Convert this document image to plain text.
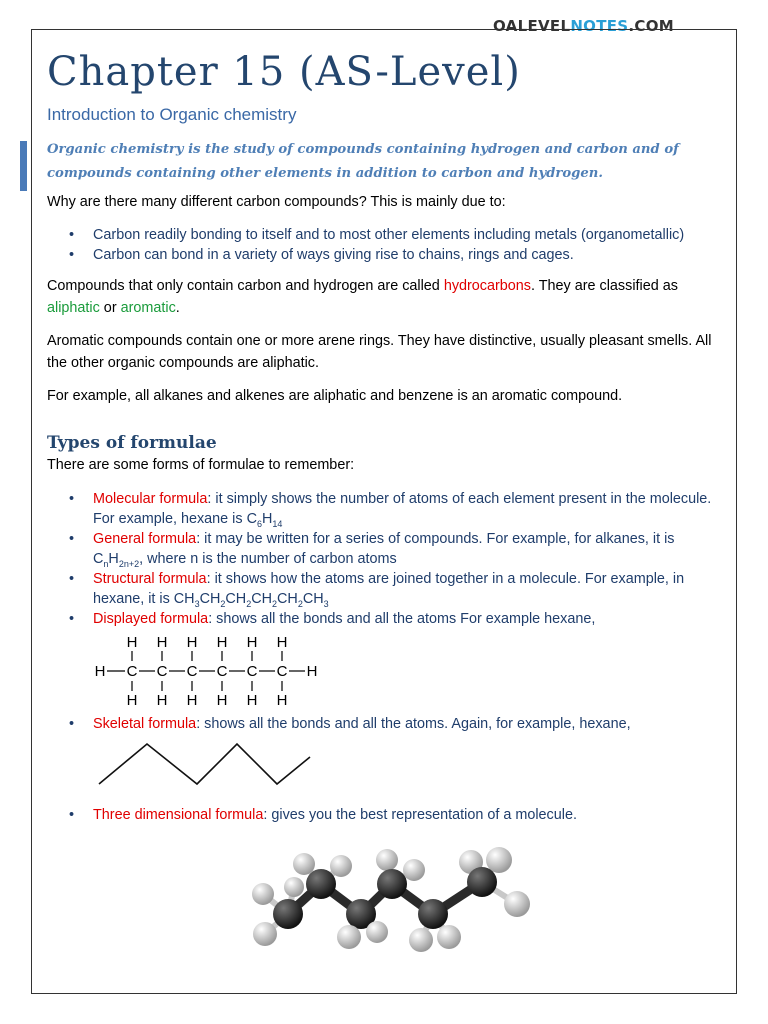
OALEVELNOTES.COM
Chapter 15 (AS-Level)
Introduction to Organic chemistry
Organic chemistry is the study of compounds containing hydrogen and carbon and of compounds containing other elements in addition to carbon and hydrogen.

Why are there many different carbon compounds? This is mainly due to:

• Carbon readily bonding to itself and to most other elements including metals (organometallic)
• Carbon can bond in a variety of ways giving rise to chains, rings and cages.

Compounds that only contain carbon and hydrogen are called hydrocarbons. They are classified as aliphatic or aromatic.

Aromatic compounds contain one or more arene rings. They have distinctive, usually pleasant smells. All the other organic compounds are aliphatic.

For example, all alkanes and alkenes are aliphatic and benzene is an aromatic compound.

Types of formulae

There are some forms of formulae to remember:

• Molecular formula: it simply shows the number of atoms of each element present in the molecule. For example, hexane is $C_6H_{14}$
• General formula: it may be written for a series of compounds. For example, for alkanes, it is $C_nH_{2n+2}$, where n is the number of carbon atoms
• Structural formula: it shows how the atoms are joined together in a molecule. For example, in hexane, it is $CH_3CH_2CH_2CH_2CH_2CH_3$
• Displayed formula: shows all the bonds and all the atoms For example hexane,
H H H H H H
H C C C C C C H
H H H H H H
• Skeletal formula: shows all the bonds and all the atoms. Again, for example, hexane,
• Three dimensional formula: gives you the best representation of a molecule.
